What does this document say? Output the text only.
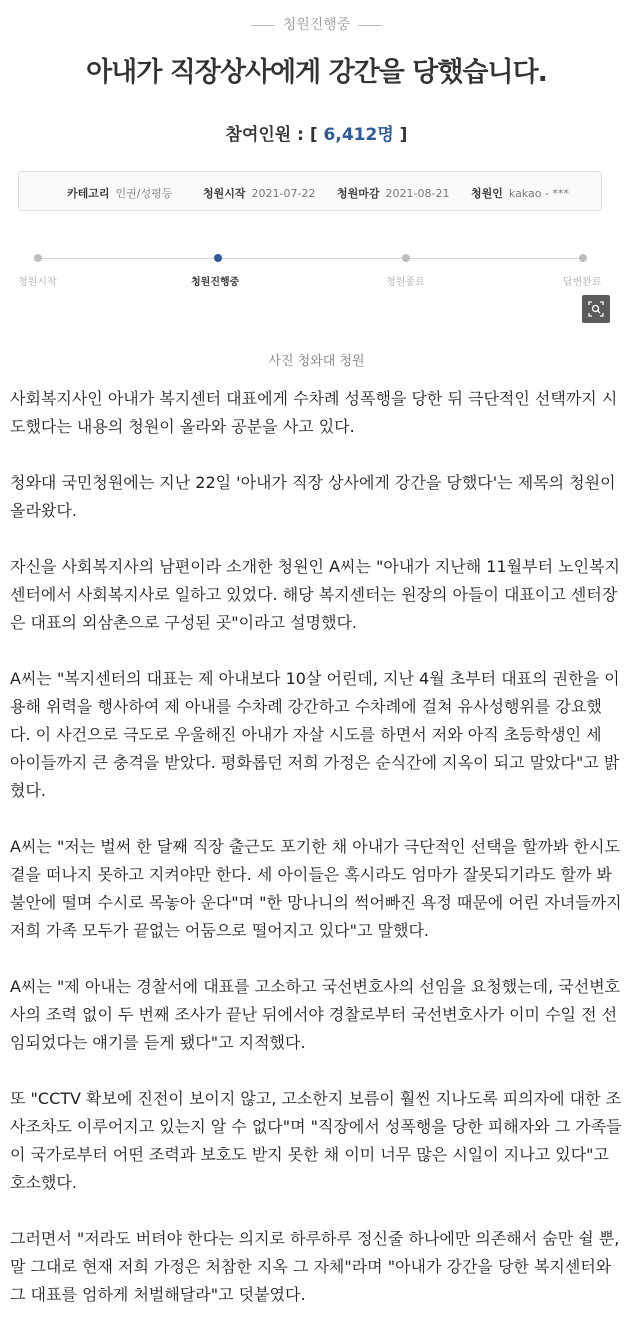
청원진행중
아내가 직장상사에게 강간을 당했습니다.
참여인원 : [ 6,412명 ]
카테고리 인권/성평등	청원시작 2021-07-22 청원마감 2021-08-21 청원인 kakao - ***
청원시작	청원진행중	청원종료	답변완료
사진 청와대 청원

사회복지사인 아내가 복지센터 대표에게 수차례 성폭행을 당한 뒤 극단적인 선택까지 시도했다는 내용의 청원이 올라와 공분을 사고 있다.

청와대 국민청원에는 지난 22일 '아내가 직장 상사에게 강간을 당했다'는 제목의 청원이 올라왔다.

자신을 사회복지사의 남편이라 소개한 청원인 A씨는 "아내가 지난해 11월부터 노인복지센터에서 사회복지사로 일하고 있었다. 해당 복지센터는 원장의 아들이 대표이고 센터장은 대표의 외삼촌으로 구성된 곳"이라고 설명했다.

A씨는 "복지센터의 대표는 제 아내보다 10살 어린데, 지난 4월 초부터 대표의 권한을 이용해 위력을 행사하여 제 아내를 수차례 강간하고 수차례에 걸쳐 유사성행위를 강요했다. 이 사건으로 극도로 우울해진 아내가 자살 시도를 하면서 저와 아직 초등학생인 세 아이들까지 큰 충격을 받았다. 평화롭던 저희 가정은 순식간에 지옥이 되고 말았다"고 밝혔다.

A씨는 "저는 벌써 한 달째 직장 출근도 포기한 채 아내가 극단적인 선택을 할까봐 한시도 곁을 떠나지 못하고 지켜야만 한다. 세 아이들은 혹시라도 엄마가 잘못되기라도 할까 봐 불안에 떨며 수시로 목놓아 운다"며 "한 망나니의 썩어빠진 욕정 때문에 어린 자녀들까지 저희 가족 모두가 끝없는 어둠으로 떨어지고 있다"고 말했다.

A씨는 "제 아내는 경찰서에 대표를 고소하고 국선변호사의 선임을 요청했는데, 국선변호사의 조력 없이 두 번째 조사가 끝난 뒤에서야 경찰로부터 국선변호사가 이미 수일 전 선임되었다는 얘기를 듣게 됐다"고 지적했다.

또 "CCTV 확보에 진전이 보이지 않고, 고소한지 보름이 훨씬 지나도록 피의자에 대한 조사조차도 이루어지고 있는지 알 수 없다"며 "직장에서 성폭행을 당한 피해자와 그 가족들이 국가로부터 어떤 조력과 보호도 받지 못한 채 이미 너무 많은 시일이 지나고 있다"고 호소했다.

그러면서 "저라도 버텨야 한다는 의지로 하루하루 정신줄 하나에만 의존해서 숨만 쉴 뿐, 말 그대로 현재 저희 가정은 처참한 지옥 그 자체"라며 "아내가 강간을 당한 복지센터와 그 대표를 엄하게 처벌해달라"고 덧붙였다.
